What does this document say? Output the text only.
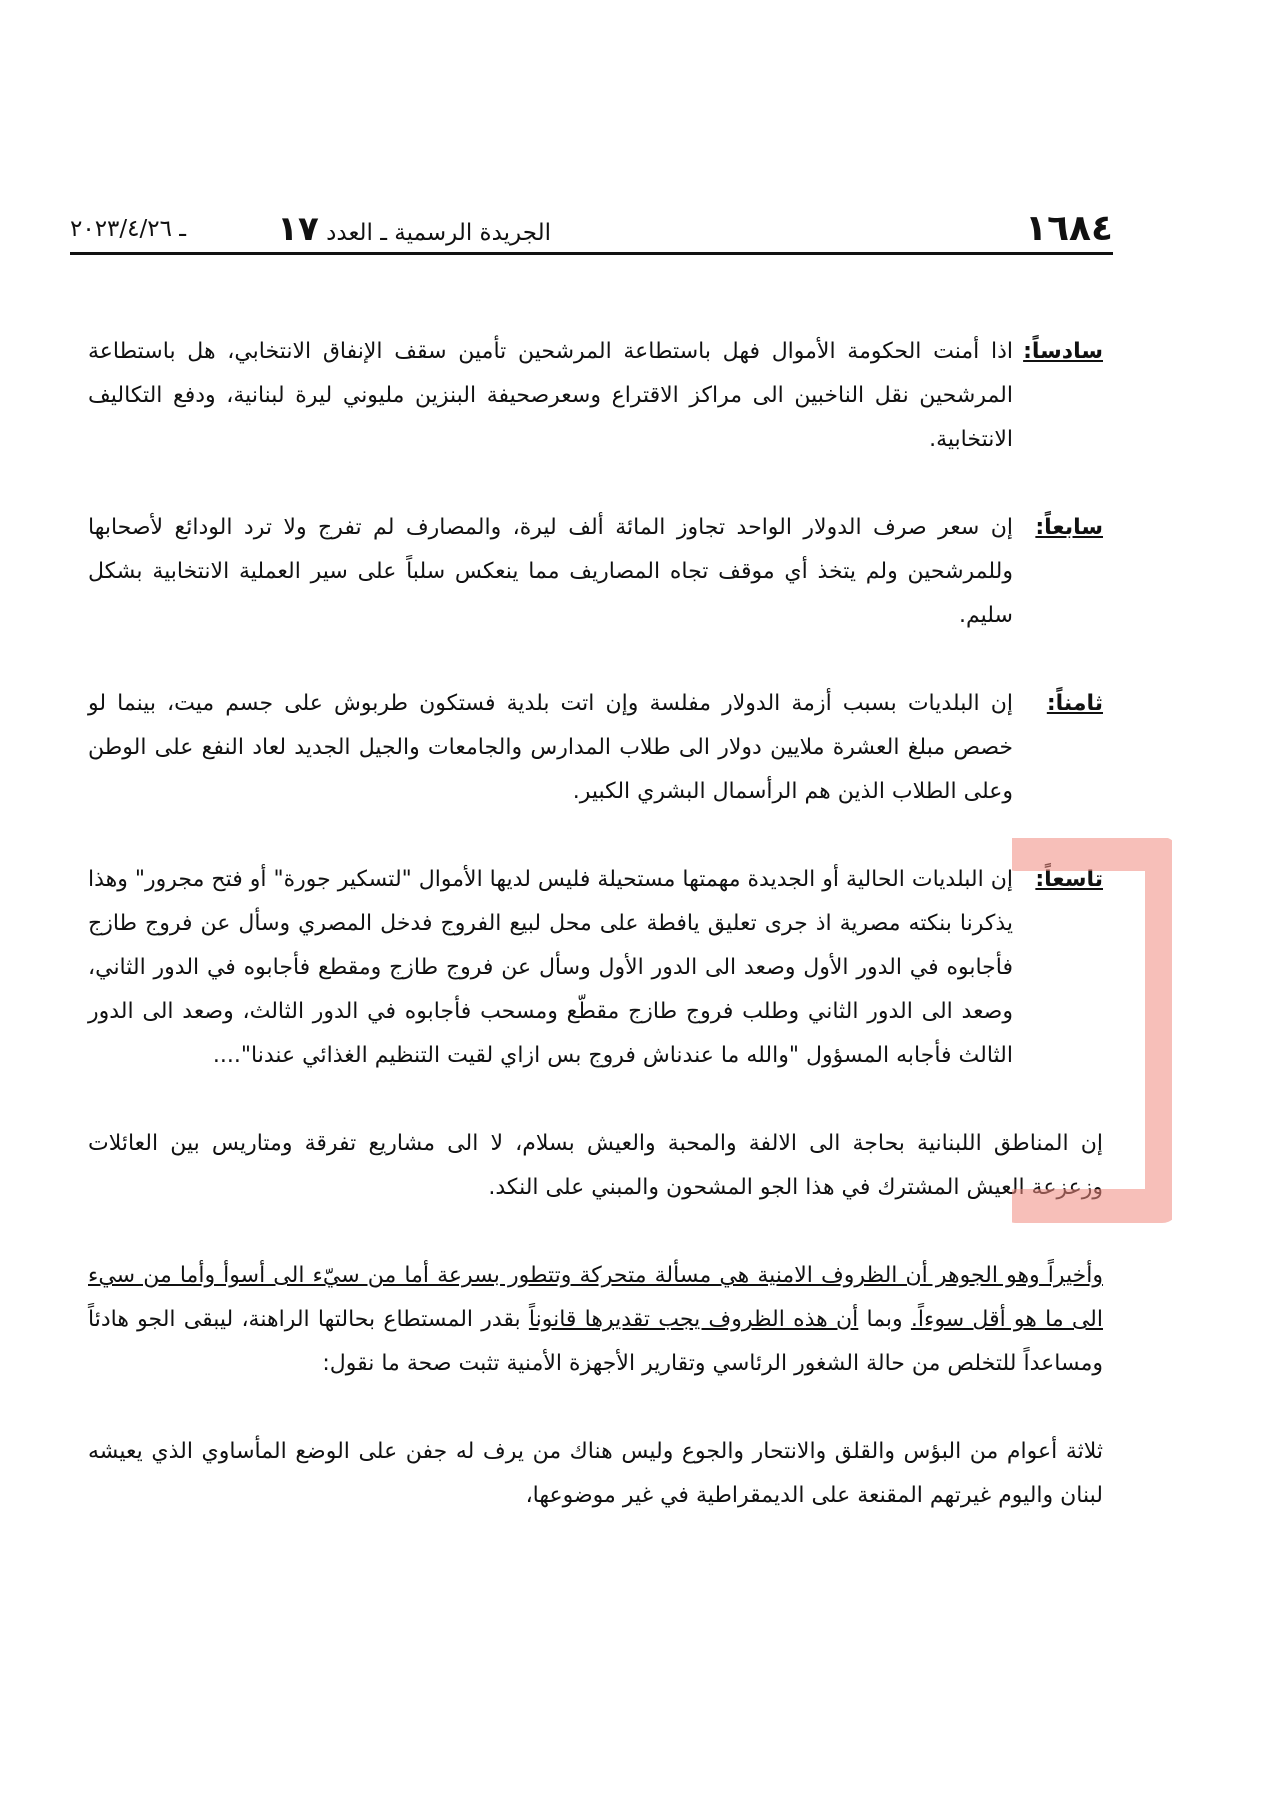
١٦٨٤
الجريدة الرسمية ـ العدد ١٧
ـ ٢٠٢٣/٤/٢٦

سادساً:اذا أمنت الحكومة الأموال فهل باستطاعة المرشحين تأمين سقف الإنفاق الانتخابي، هل باستطاعة المرشحين نقل الناخبين الى مراكز الاقتراع وسعرصحيفة البنزين مليوني ليرة لبنانية، ودفع التكاليف الانتخابية.

سابعاً:إن سعر صرف الدولار الواحد تجاوز المائة ألف ليرة، والمصارف لم تفرج ولا ترد الودائع لأصحابها وللمرشحين ولم يتخذ أي موقف تجاه المصاريف مما ينعكس سلباً على سير العملية الانتخابية بشكل سليم.

ثامناً:إن البلديات بسبب أزمة الدولار مفلسة وإن اتت بلدية فستكون طربوش على جسم ميت، بينما لو خصص مبلغ العشرة ملايين دولار الى طلاب المدارس والجامعات والجيل الجديد لعاد النفع على الوطن وعلى الطلاب الذين هم الرأسمال البشري الكبير.

تاسعاً:إن البلديات الحالية أو الجديدة مهمتها مستحيلة فليس لديها الأموال "لتسكير جورة" أو فتح مجرور" وهذا يذكرنا بنكته مصرية اذ جرى تعليق يافطة على محل لبيع الفروج فدخل المصري وسأل عن فروج طازج فأجابوه في الدور الأول وصعد الى الدور الأول وسأل عن فروج طازج ومقطع فأجابوه في الدور الثاني، وصعد الى الدور الثاني وطلب فروج طازج مقطّع ومسحب فأجابوه في الدور الثالث، وصعد الى الدور الثالث فأجابه المسؤول "والله ما عندناش فروج بس ازاي لقيت التنظيم الغذائي عندنا"....

إن المناطق اللبنانية بحاجة الى الالفة والمحبة والعيش بسلام، لا الى مشاريع تفرقة ومتاريس بين العائلات وزعزعة العيش المشترك في هذا الجو المشحون والمبني على النكد.

وأخيراً وهو الجوهر أن الظروف الامنية هي مسألة متحركة وتتطور بسرعة أما من سيّء الى أسوأ وأما من سيء الى ما هو أقل سوءاً. وبما أن هذه الظروف يجب تقديرها قانوناً بقدر المستطاع بحالتها الراهنة، ليبقى الجو هادئاً ومساعداً للتخلص من حالة الشغور الرئاسي وتقارير الأجهزة الأمنية تثبت صحة ما نقول:

ثلاثة أعوام من البؤس والقلق والانتحار والجوع وليس هناك من يرف له جفن على الوضع المأساوي الذي يعيشه لبنان واليوم غيرتهم المقنعة على الديمقراطية في غير موضوعها،
